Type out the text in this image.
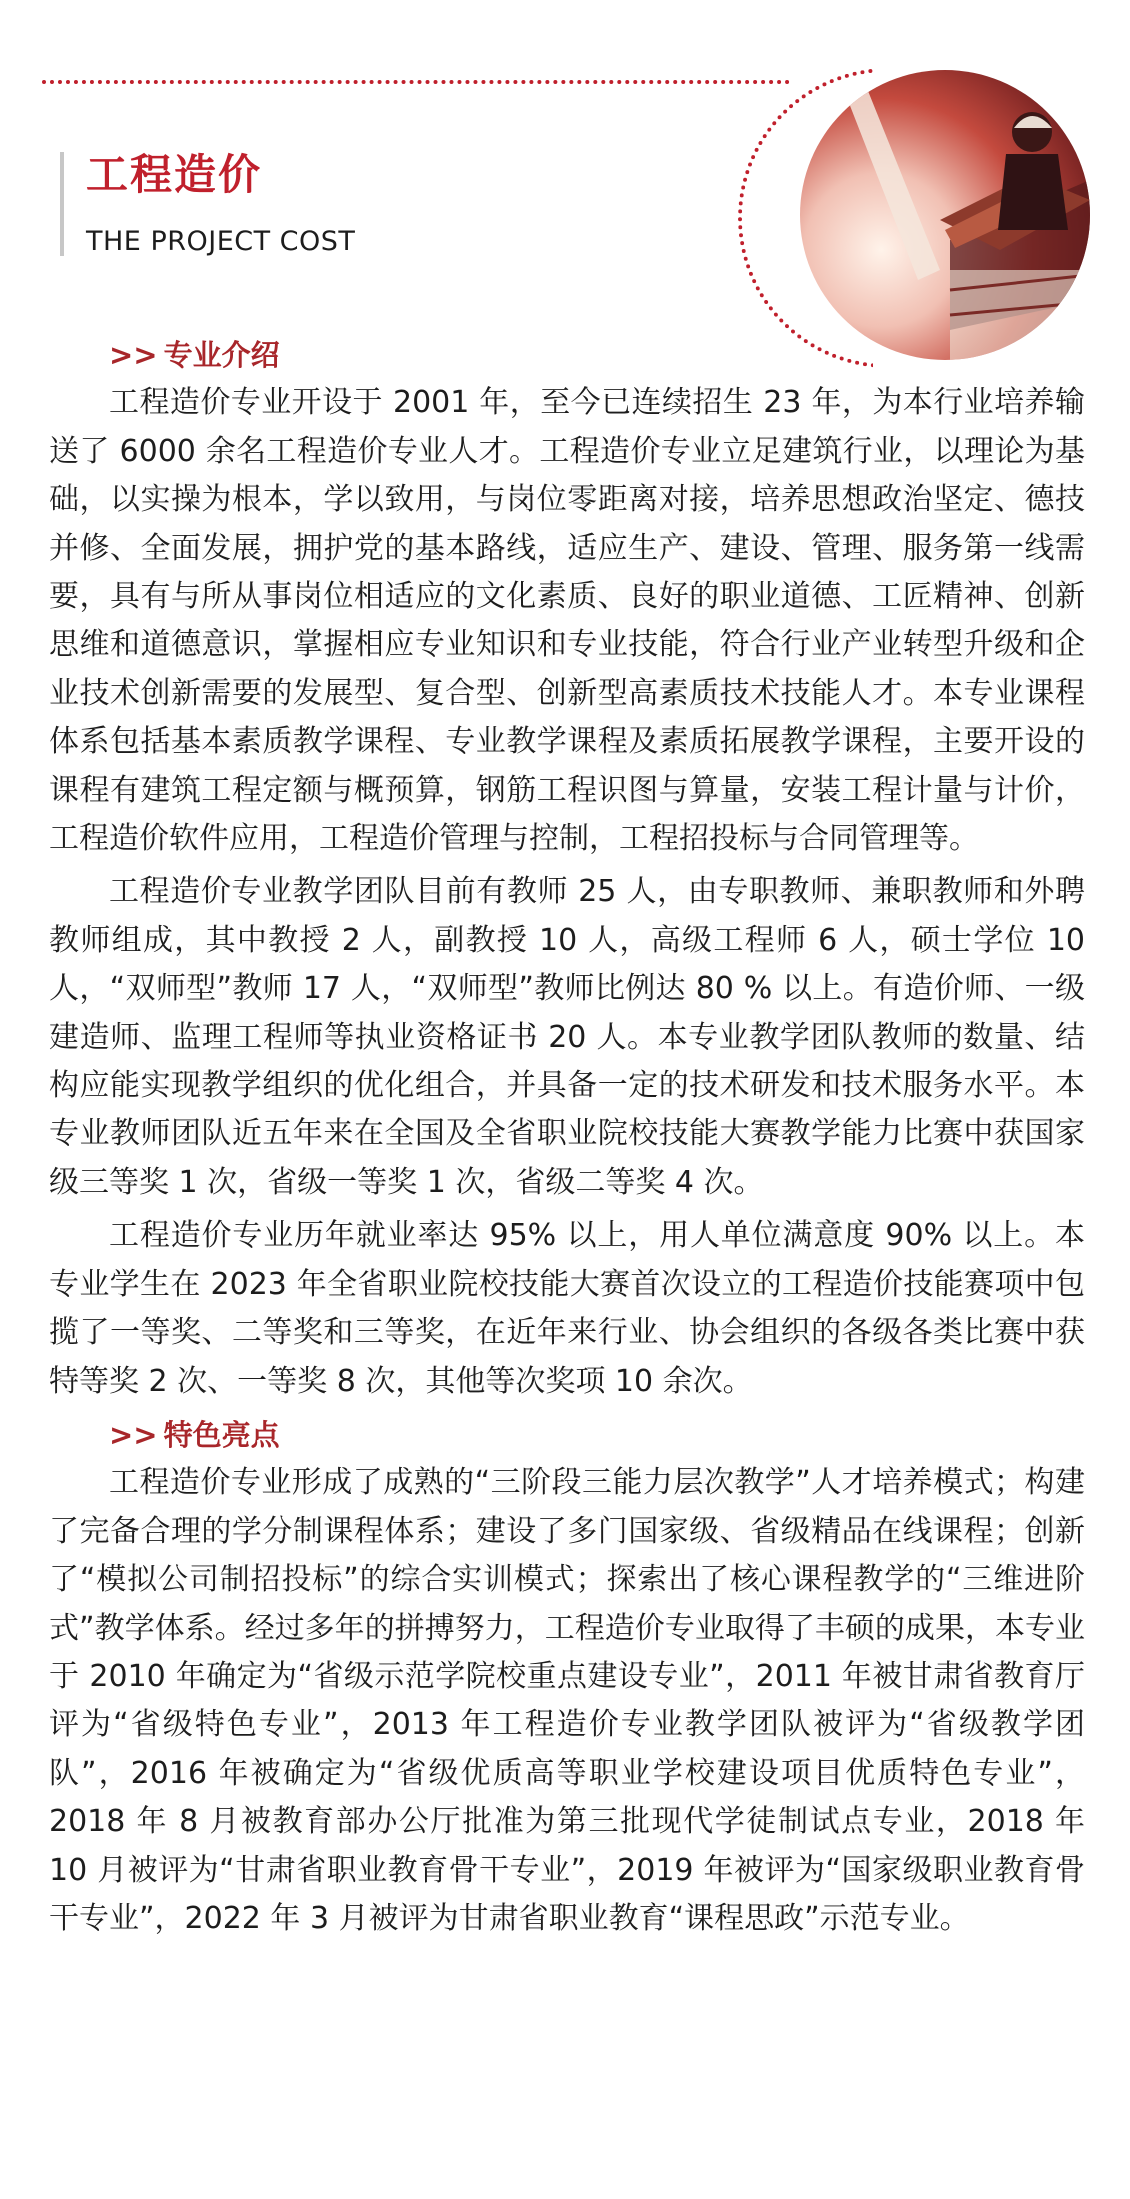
工程造价
THE PROJECT COST
>> 专业介绍

工程造价专业开设于 2001 年，至今已连续招生 23 年，为本行业培养输送了 6000 余名工程造价专业人才。工程造价专业立足建筑行业，以理论为基础，以实操为根本，学以致用，与岗位零距离对接，培养思想政治坚定、德技并修、全面发展，拥护党的基本路线，适应生产、建设、管理、服务第一线需要，具有与所从事岗位相适应的文化素质、良好的职业道德、工匠精神、创新思维和道德意识，掌握相应专业知识和专业技能，符合行业产业转型升级和企业技术创新需要的发展型、复合型、创新型高素质技术技能人才。本专业课程体系包括基本素质教学课程、专业教学课程及素质拓展教学课程，主要开设的课程有建筑工程定额与概预算，钢筋工程识图与算量，安装工程计量与计价，工程造价软件应用，工程造价管理与控制，工程招投标与合同管理等。

工程造价专业教学团队目前有教师 25 人，由专职教师、兼职教师和外聘教师组成，其中教授 2 人，副教授 10 人，高级工程师 6 人，硕士学位 10 人，“双师型”教师 17 人，“双师型”教师比例达 80 % 以上。有造价师、一级建造师、监理工程师等执业资格证书 20 人。本专业教学团队教师的数量、结构应能实现教学组织的优化组合，并具备一定的技术研发和技术服务水平。本专业教师团队近五年来在全国及全省职业院校技能大赛教学能力比赛中获国家级三等奖 1 次，省级一等奖 1 次，省级二等奖 4 次。

工程造价专业历年就业率达 95% 以上，用人单位满意度 90% 以上。本专业学生在 2023 年全省职业院校技能大赛首次设立的工程造价技能赛项中包揽了一等奖、二等奖和三等奖，在近年来行业、协会组织的各级各类比赛中获特等奖 2 次、一等奖 8 次，其他等次奖项 10 余次。

>> 特色亮点

工程造价专业形成了成熟的“三阶段三能力层次教学”人才培养模式；构建了完备合理的学分制课程体系；建设了多门国家级、省级精品在线课程；创新了“模拟公司制招投标”的综合实训模式；探索出了核心课程教学的“三维进阶式”教学体系。经过多年的拼搏努力，工程造价专业取得了丰硕的成果，本专业于 2010 年确定为“省级示范学院校重点建设专业”，2011 年被甘肃省教育厅评为“省级特色专业”，2013 年工程造价专业教学团队被评为“省级教学团队”，2016 年被确定为“省级优质高等职业学校建设项目优质特色专业”，2018 年 8 月被教育部办公厅批准为第三批现代学徒制试点专业，2018 年 10 月被评为“甘肃省职业教育骨干专业”，2019 年被评为“国家级职业教育骨干专业”，2022 年 3 月被评为甘肃省职业教育“课程思政”示范专业。
